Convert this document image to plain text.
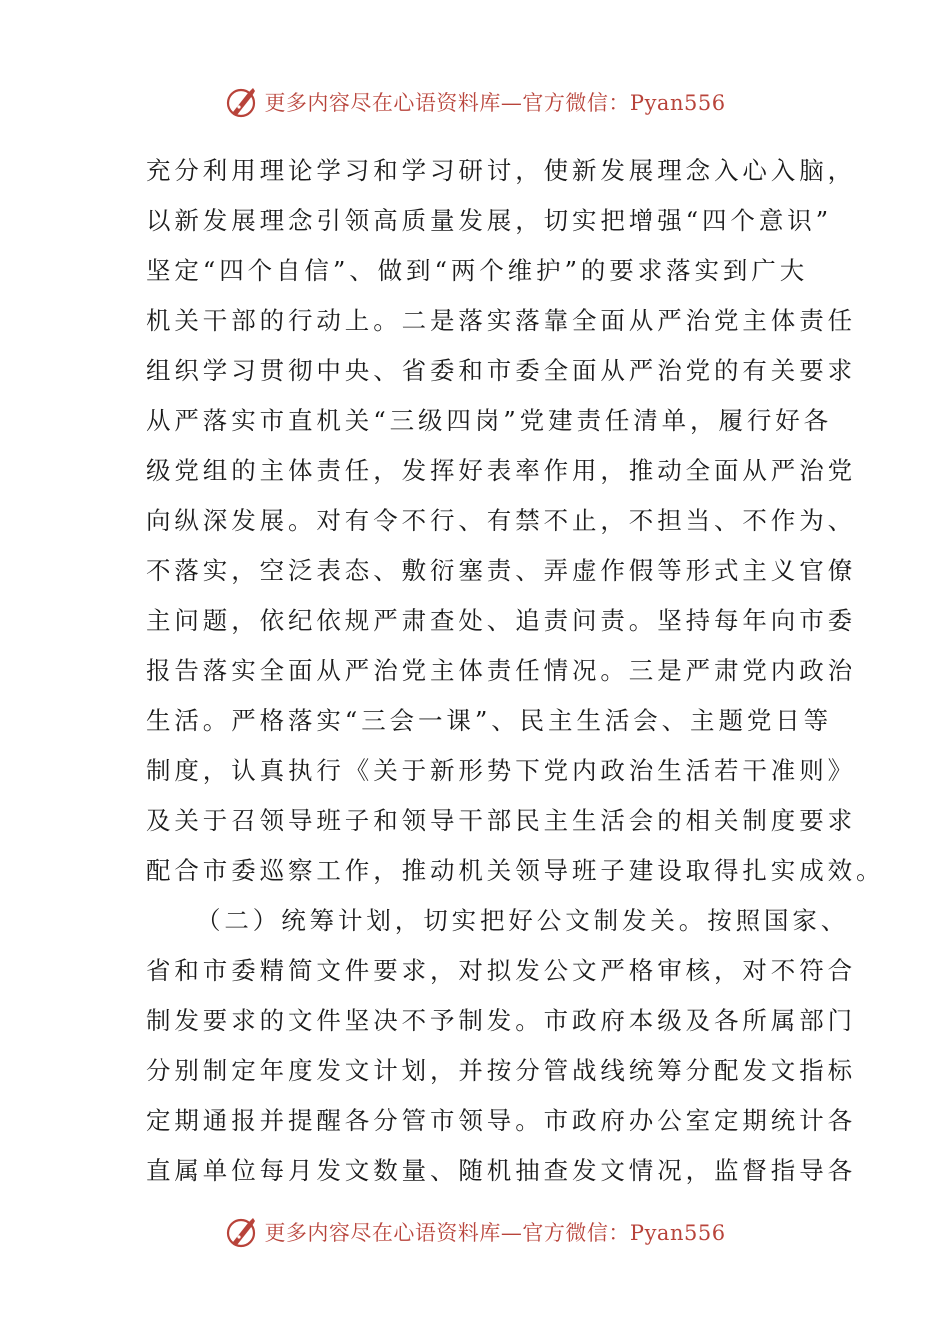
更多内容尽在心语资料库—官方微信：Pyan556
充分利用理论学习和学习研讨，使新发展理念入心入脑，
以新发展理念引领高质量发展，切实把增强“四个意识”
坚定“四个自信”、做到“两个维护”的要求落实到广大
机关干部的行动上。二是落实落靠全面从严治党主体责任
组织学习贯彻中央、省委和市委全面从严治党的有关要求
从严落实市直机关“三级四岗”党建责任清单，履行好各
级党组的主体责任，发挥好表率作用，推动全面从严治党
向纵深发展。对有令不行、有禁不止，不担当、不作为、
不落实，空泛表态、敷衍塞责、弄虚作假等形式主义官僚
主问题，依纪依规严肃查处、追责问责。坚持每年向市委
报告落实全面从严治党主体责任情况。三是严肃党内政治
生活。严格落实“三会一课”、民主生活会、主题党日等
制度，认真执行《关于新形势下党内政治生活若干准则》
及关于召领导班子和领导干部民主生活会的相关制度要求
配合市委巡察工作，推动机关领导班子建设取得扎实成效。
（二）统筹计划，切实把好公文制发关。按照国家、
省和市委精简文件要求，对拟发公文严格审核，对不符合
制发要求的文件坚决不予制发。市政府本级及各所属部门
分别制定年度发文计划，并按分管战线统筹分配发文指标
定期通报并提醒各分管市领导。市政府办公室定期统计各
直属单位每月发文数量、随机抽查发文情况，监督指导各
更多内容尽在心语资料库—官方微信：Pyan556
